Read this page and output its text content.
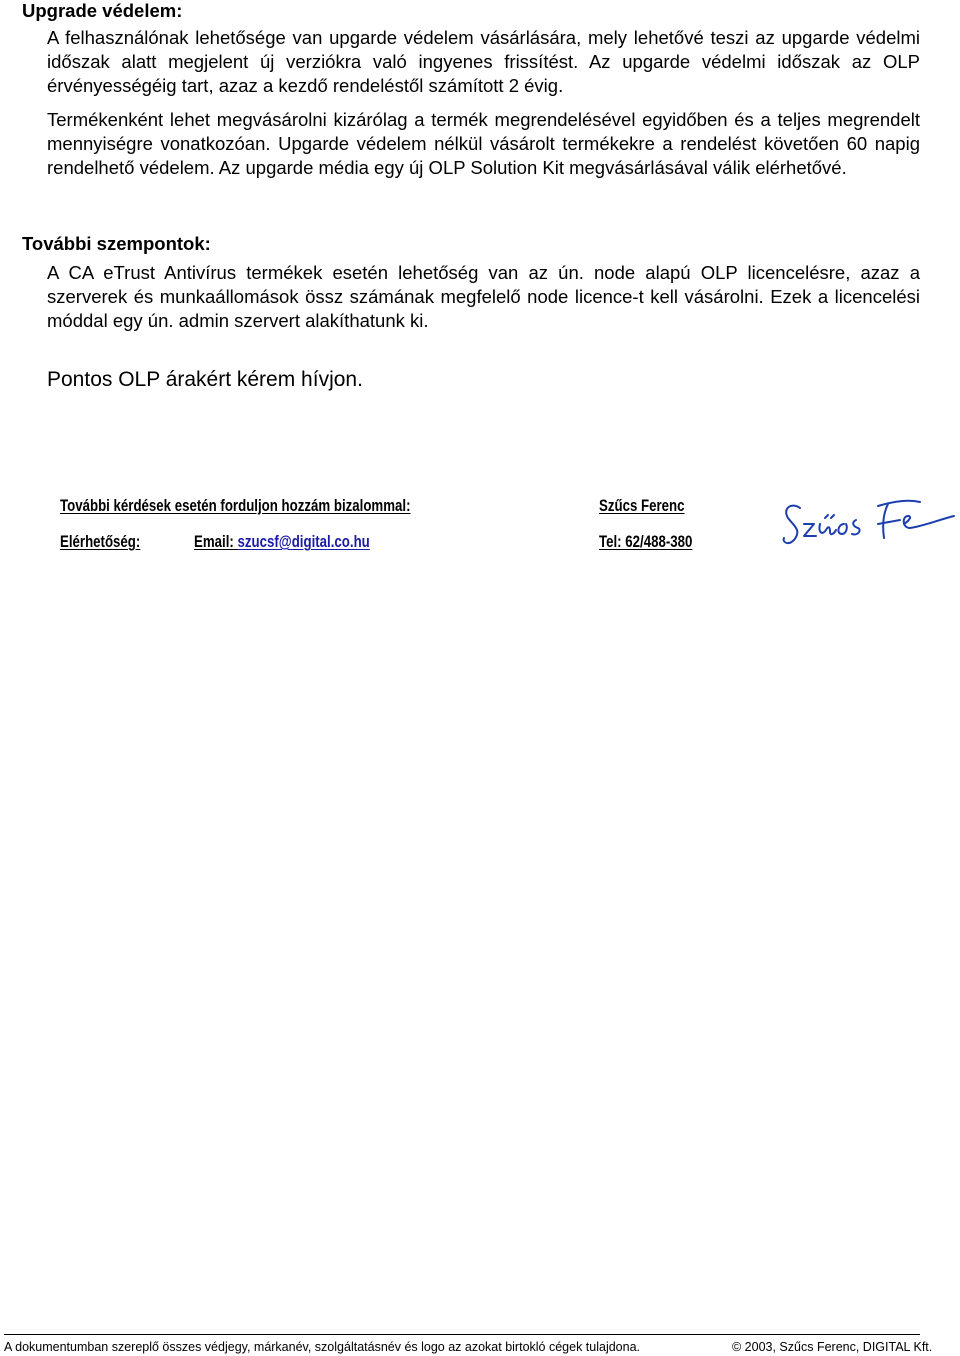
Upgrade védelem:

A felhasználónak lehetősége van upgarde védelem vásárlására, mely lehetővé teszi az upgarde védelmi időszak alatt megjelent új verziókra való ingyenes frissítést. Az upgarde védelmi időszak az OLP érvényességéig tart, azaz a kezdő rendeléstől számított 2 évig.

Termékenként lehet megvásárolni kizárólag a termék megrendelésével egyidőben és a teljes megrendelt mennyiségre vonatkozóan. Upgarde védelem nélkül vásárolt termékekre a rendelést követően 60 napig rendelhető védelem. Az upgarde média egy új OLP Solution Kit megvásárlásával válik elérhetővé.

További szempontok:

A CA eTrust Antivírus termékek esetén lehetőség van az ún. node alapú OLP licencelésre, azaz a szerverek és munkaállomások össz számának megfelelő node licence-t kell vásárolni. Ezek a licencelési móddal egy ún. admin szervert alakíthatunk ki.

Pontos OLP árakért kérem hívjon.

További kérdések esetén forduljon hozzám bizalommal:	Szűcs Ferenc
Elérhetőség:	Email: szucsf@digital.co.hu	Tel: 62/488-380

A dokumentumban szereplő összes védjegy, márkanév, szolgáltatásnév és logo az azokat birtokló cégek tulajdona.	© 2003, Szűcs Ferenc, DIGITAL Kft.
